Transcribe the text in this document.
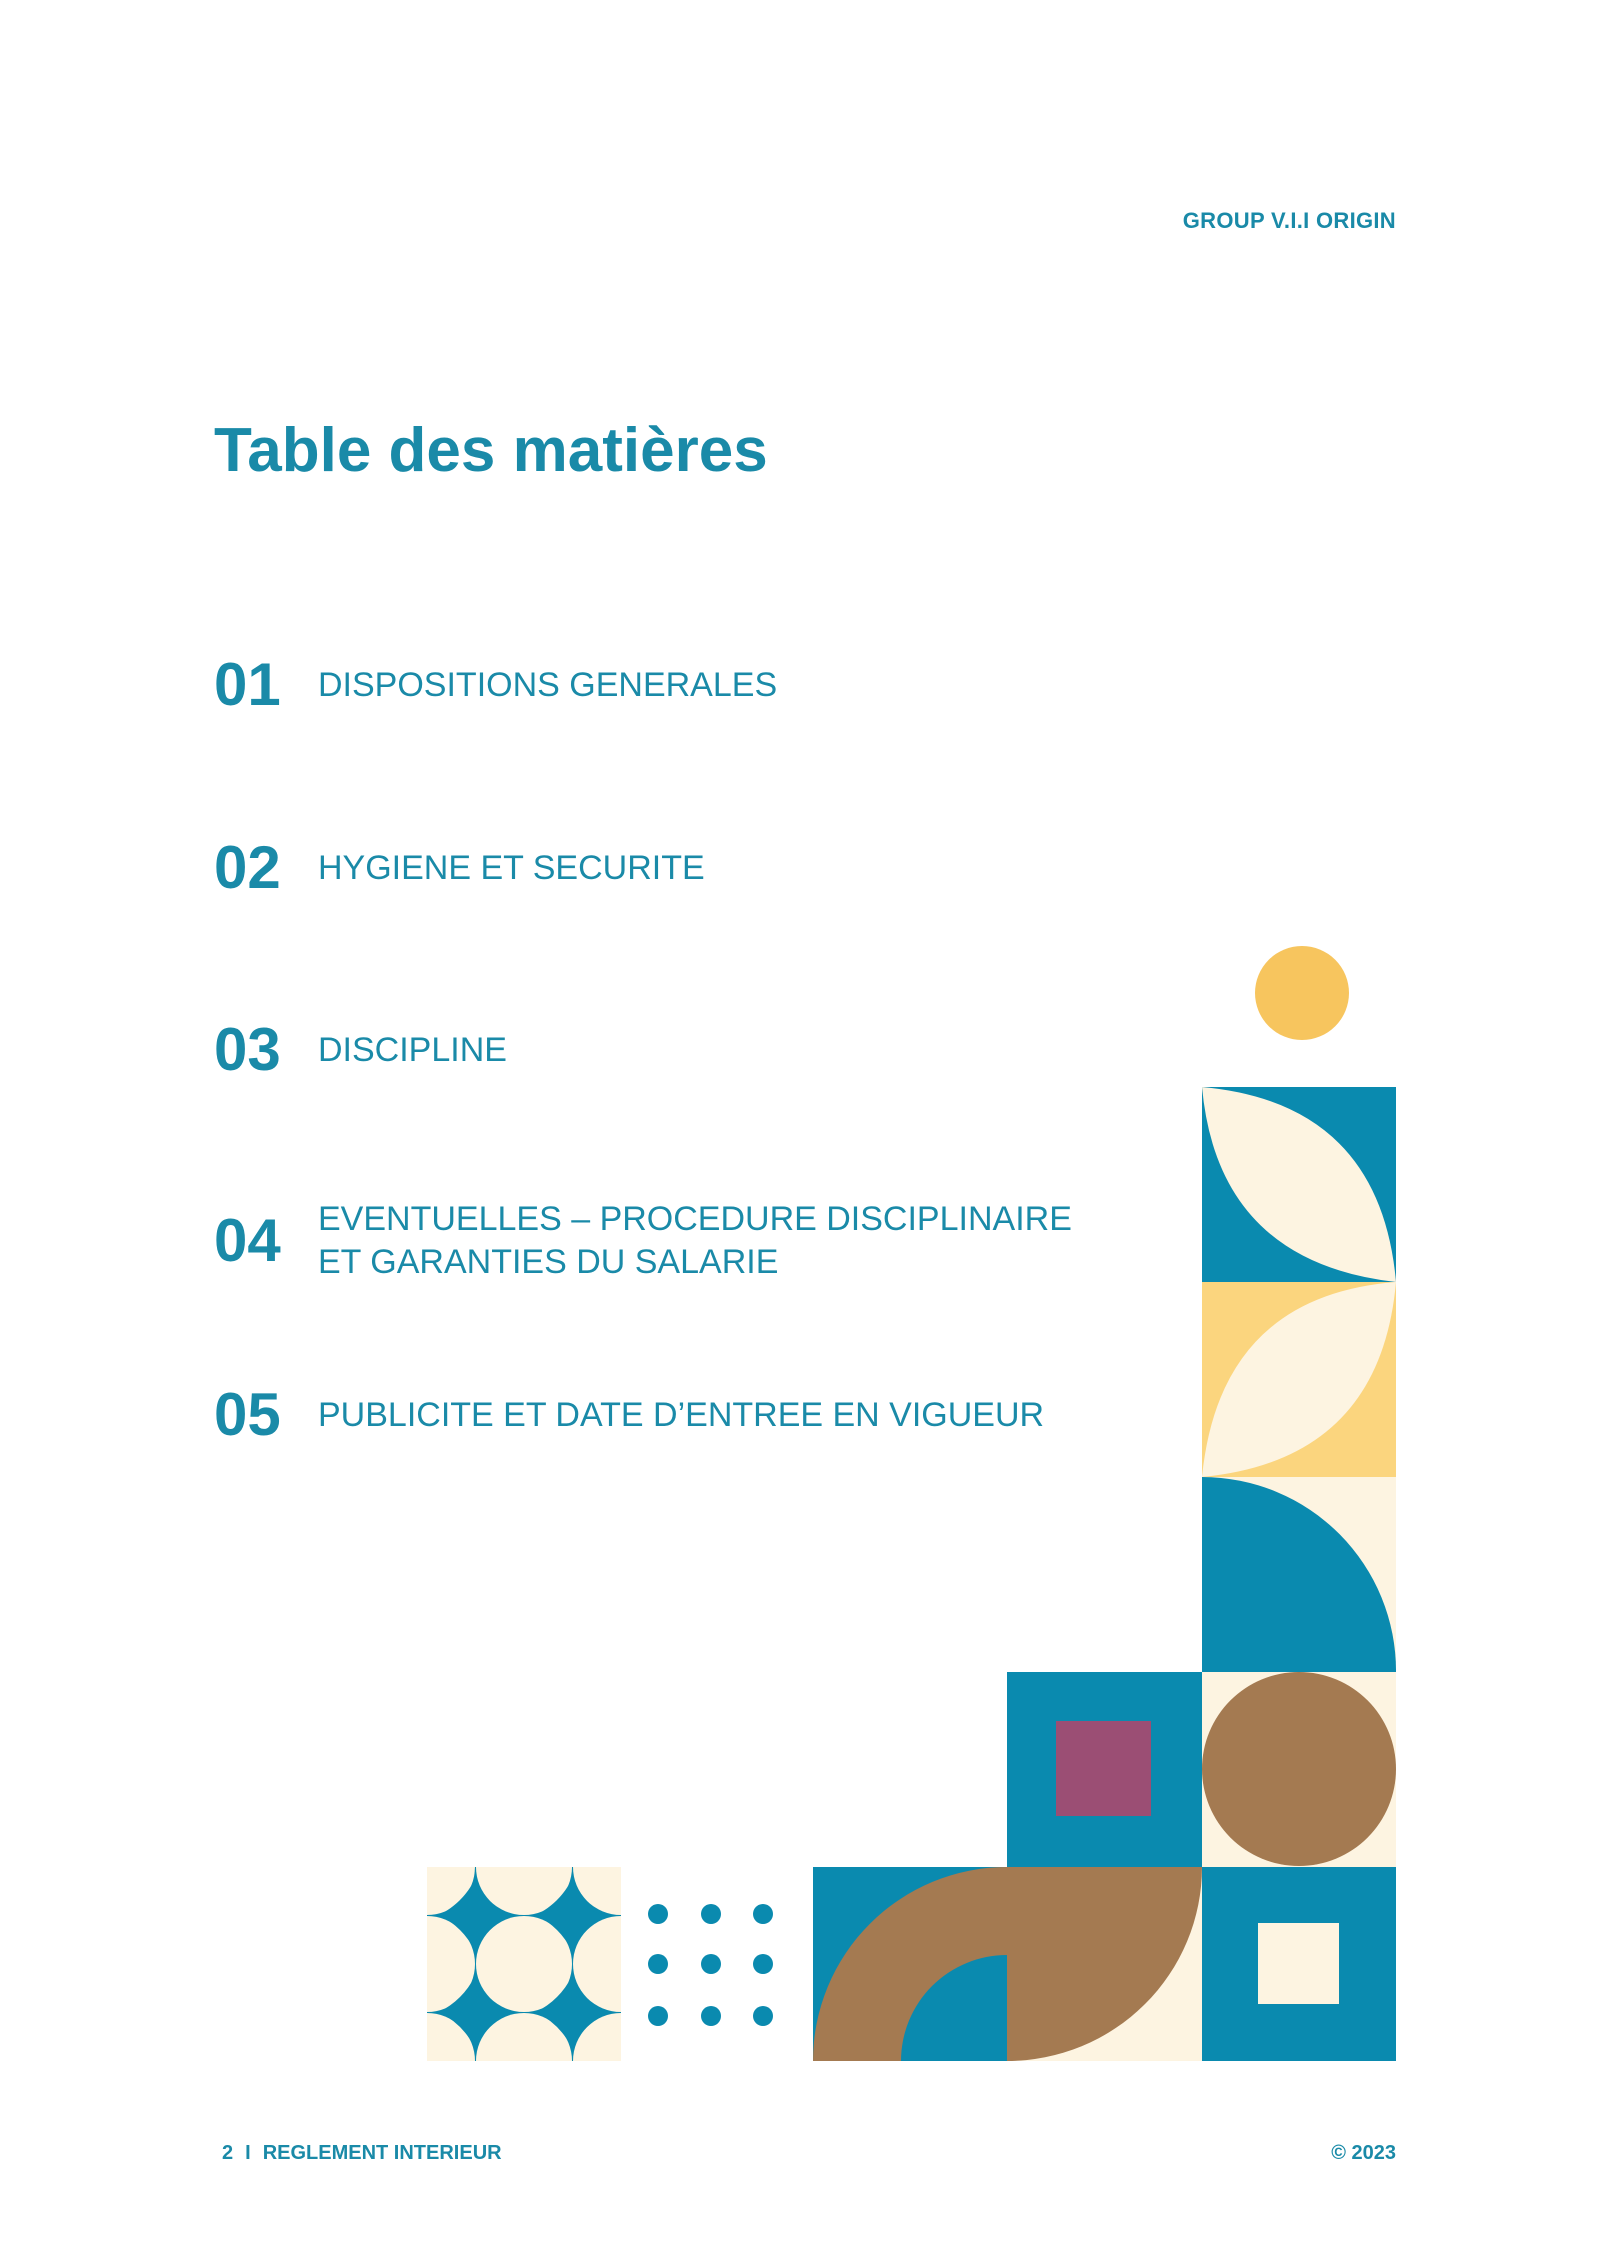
GROUP V.I.I ORIGIN
Table des matières
01	DISPOSITIONS GENERALES
02	HYGIENE ET SECURITE
03	DISCIPLINE
04	EVENTUELLES – PROCEDURE DISCIPLINAIRE ET GARANTIES DU SALARIE
05	PUBLICITE ET DATE D’ENTREE EN VIGUEUR
2 I REGLEMENT INTERIEUR	© 2023
